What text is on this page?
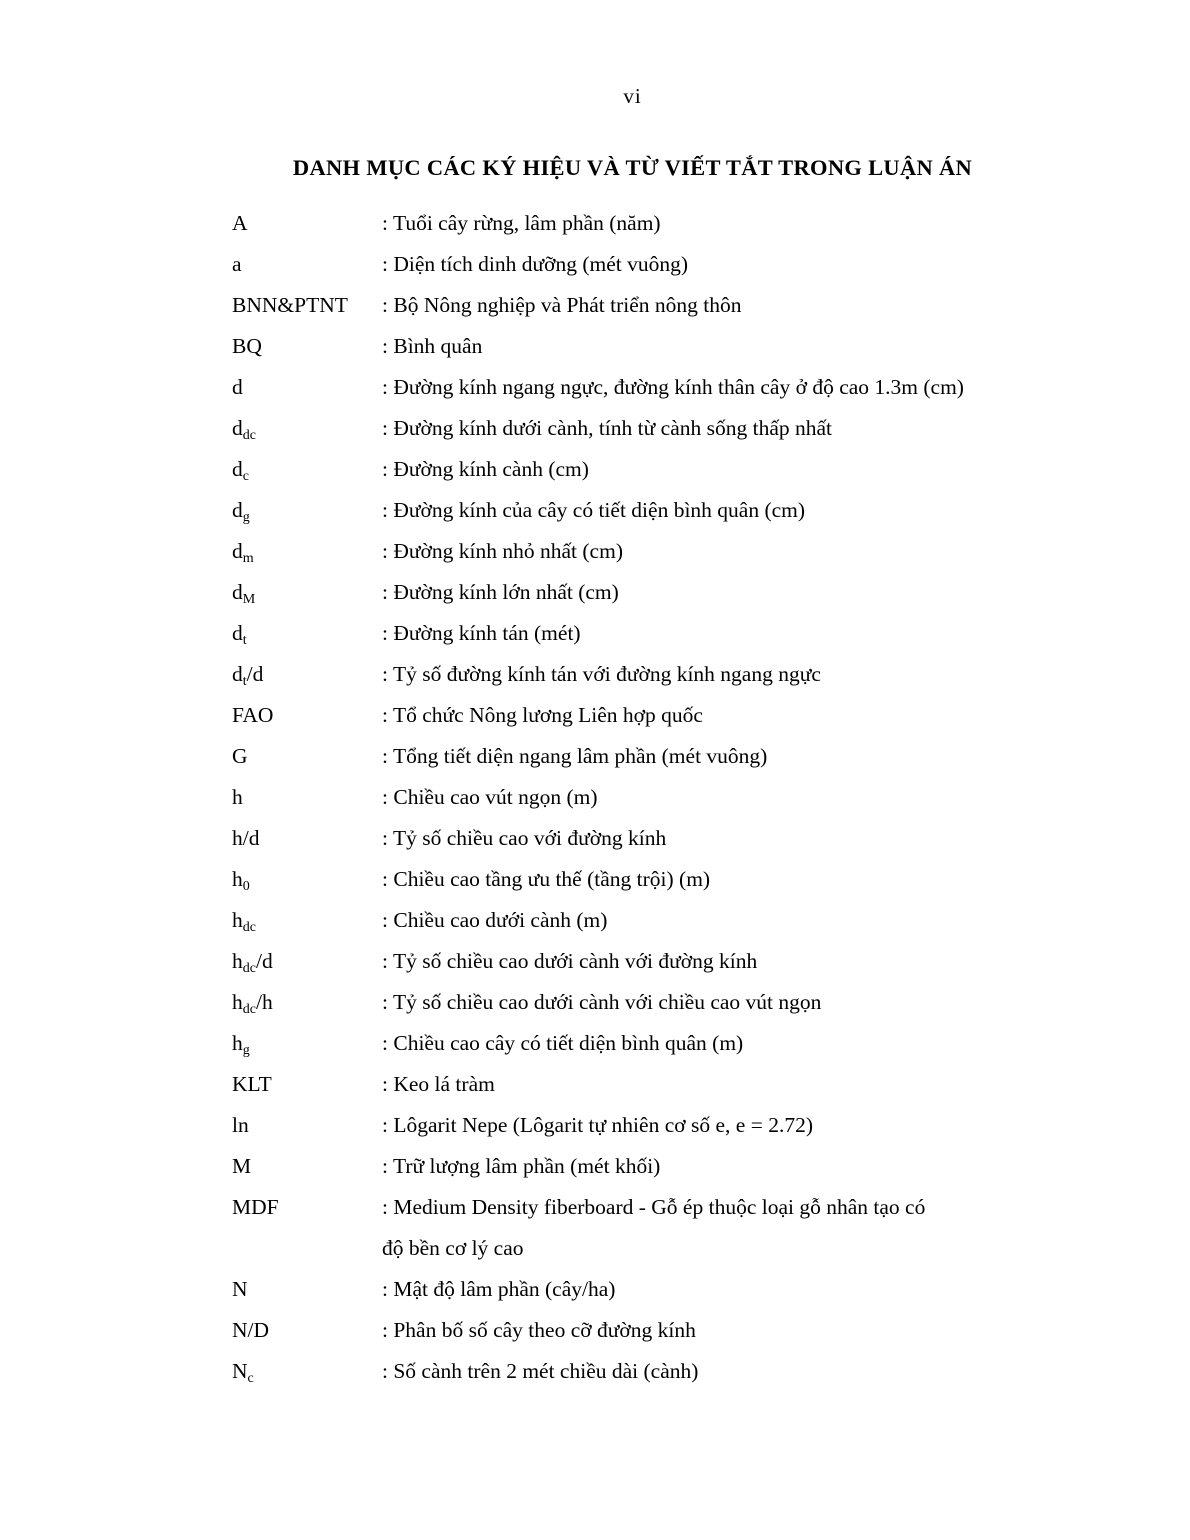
vi
DANH MỤC CÁC KÝ HIỆU VÀ TỪ VIẾT TẮT TRONG LUẬN ÁN
A	: Tuổi cây rừng, lâm phần (năm)
a	: Diện tích dinh dưỡng (mét vuông)
BNN&PTNT	: Bộ Nông nghiệp và Phát triển nông thôn
BQ	: Bình quân
d	: Đường kính ngang ngực, đường kính thân cây ở độ cao 1.3m (cm)
$d_{dc}$	: Đường kính dưới cành, tính từ cành sống thấp nhất
$d_c$	: Đường kính cành (cm)
$d_g$	: Đường kính của cây có tiết diện bình quân (cm)
$d_m$	: Đường kính nhỏ nhất (cm)
$d_M$	: Đường kính lớn nhất (cm)
$d_t$	: Đường kính tán (mét)
$d_t/d$	: Tỷ số đường kính tán với đường kính ngang ngực
FAO	: Tổ chức Nông lương Liên hợp quốc
G	: Tổng tiết diện ngang lâm phần (mét vuông)
h	: Chiều cao vút ngọn (m)
h/d	: Tỷ số chiều cao với đường kính
$h_0$	: Chiều cao tầng ưu thế (tầng trội) (m)
$h_{dc}$	: Chiều cao dưới cành (m)
$h_{dc}/d$	: Tỷ số chiều cao dưới cành với đường kính
$h_{dc}/h$	: Tỷ số chiều cao dưới cành với chiều cao vút ngọn
$h_g$	: Chiều cao cây có tiết diện bình quân (m)
KLT	: Keo lá tràm
ln	: Lôgarit Nepe (Lôgarit tự nhiên cơ số e, e = 2.72)
M	: Trữ lượng lâm phần (mét khối)
MDF	: Medium Density fiberboard - Gỗ ép thuộc loại gỗ nhân tạo có
độ bền cơ lý cao
N	: Mật độ lâm phần (cây/ha)
N/D	: Phân bố số cây theo cỡ đường kính
$N_c$	: Số cành trên 2 mét chiều dài (cành)
